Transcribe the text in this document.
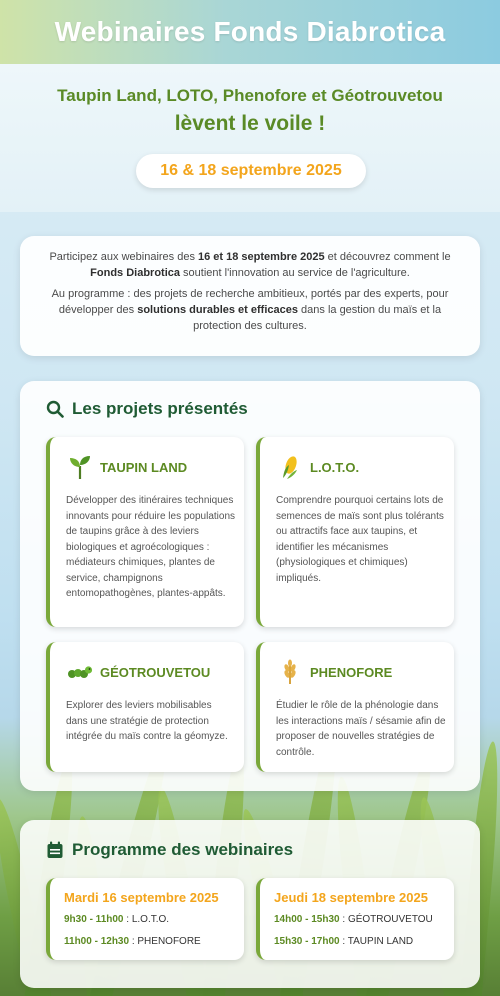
Webinaires Fonds Diabrotica
Taupin Land, LOTO, Phenofore et Géotrouvetou
lèvent le voile !
16 & 18 septembre 2025

Participez aux webinaires des 16 et 18 septembre 2025 et découvrez comment le Fonds Diabrotica soutient l'innovation au service de l'agriculture.

Au programme : des projets de recherche ambitieux, portés par des experts, pour développer des solutions durables et efficaces dans la gestion du maïs et la protection des cultures.

Les projets présentés
TAUPIN LAND
Développer des itinéraires techniques innovants pour réduire les populations de taupins grâce à des leviers biologiques et agroécologiques : médiateurs chimiques, plantes de service, champignons entomopathogènes, plantes-appâts.
L.O.T.O.
Comprendre pourquoi certains lots de semences de maïs sont plus tolérants ou attractifs face aux taupins, et identifier les mécanismes (physiologiques et chimiques) impliqués.
GÉOTROUVETOU
Explorer des leviers mobilisables dans une stratégie de protection intégrée du maïs contre la géomyze.
PHENOFORE
Étudier le rôle de la phénologie dans les interactions maïs / sésamie afin de proposer de nouvelles stratégies de contrôle.
Programme des webinaires
Mardi 16 septembre 2025
9h30 - 11h00 : L.O.T.O.
11h00 - 12h30 : PHENOFORE
Jeudi 18 septembre 2025
14h00 - 15h30 : GÉOTROUVETOU
15h30 - 17h00 : TAUPIN LAND
